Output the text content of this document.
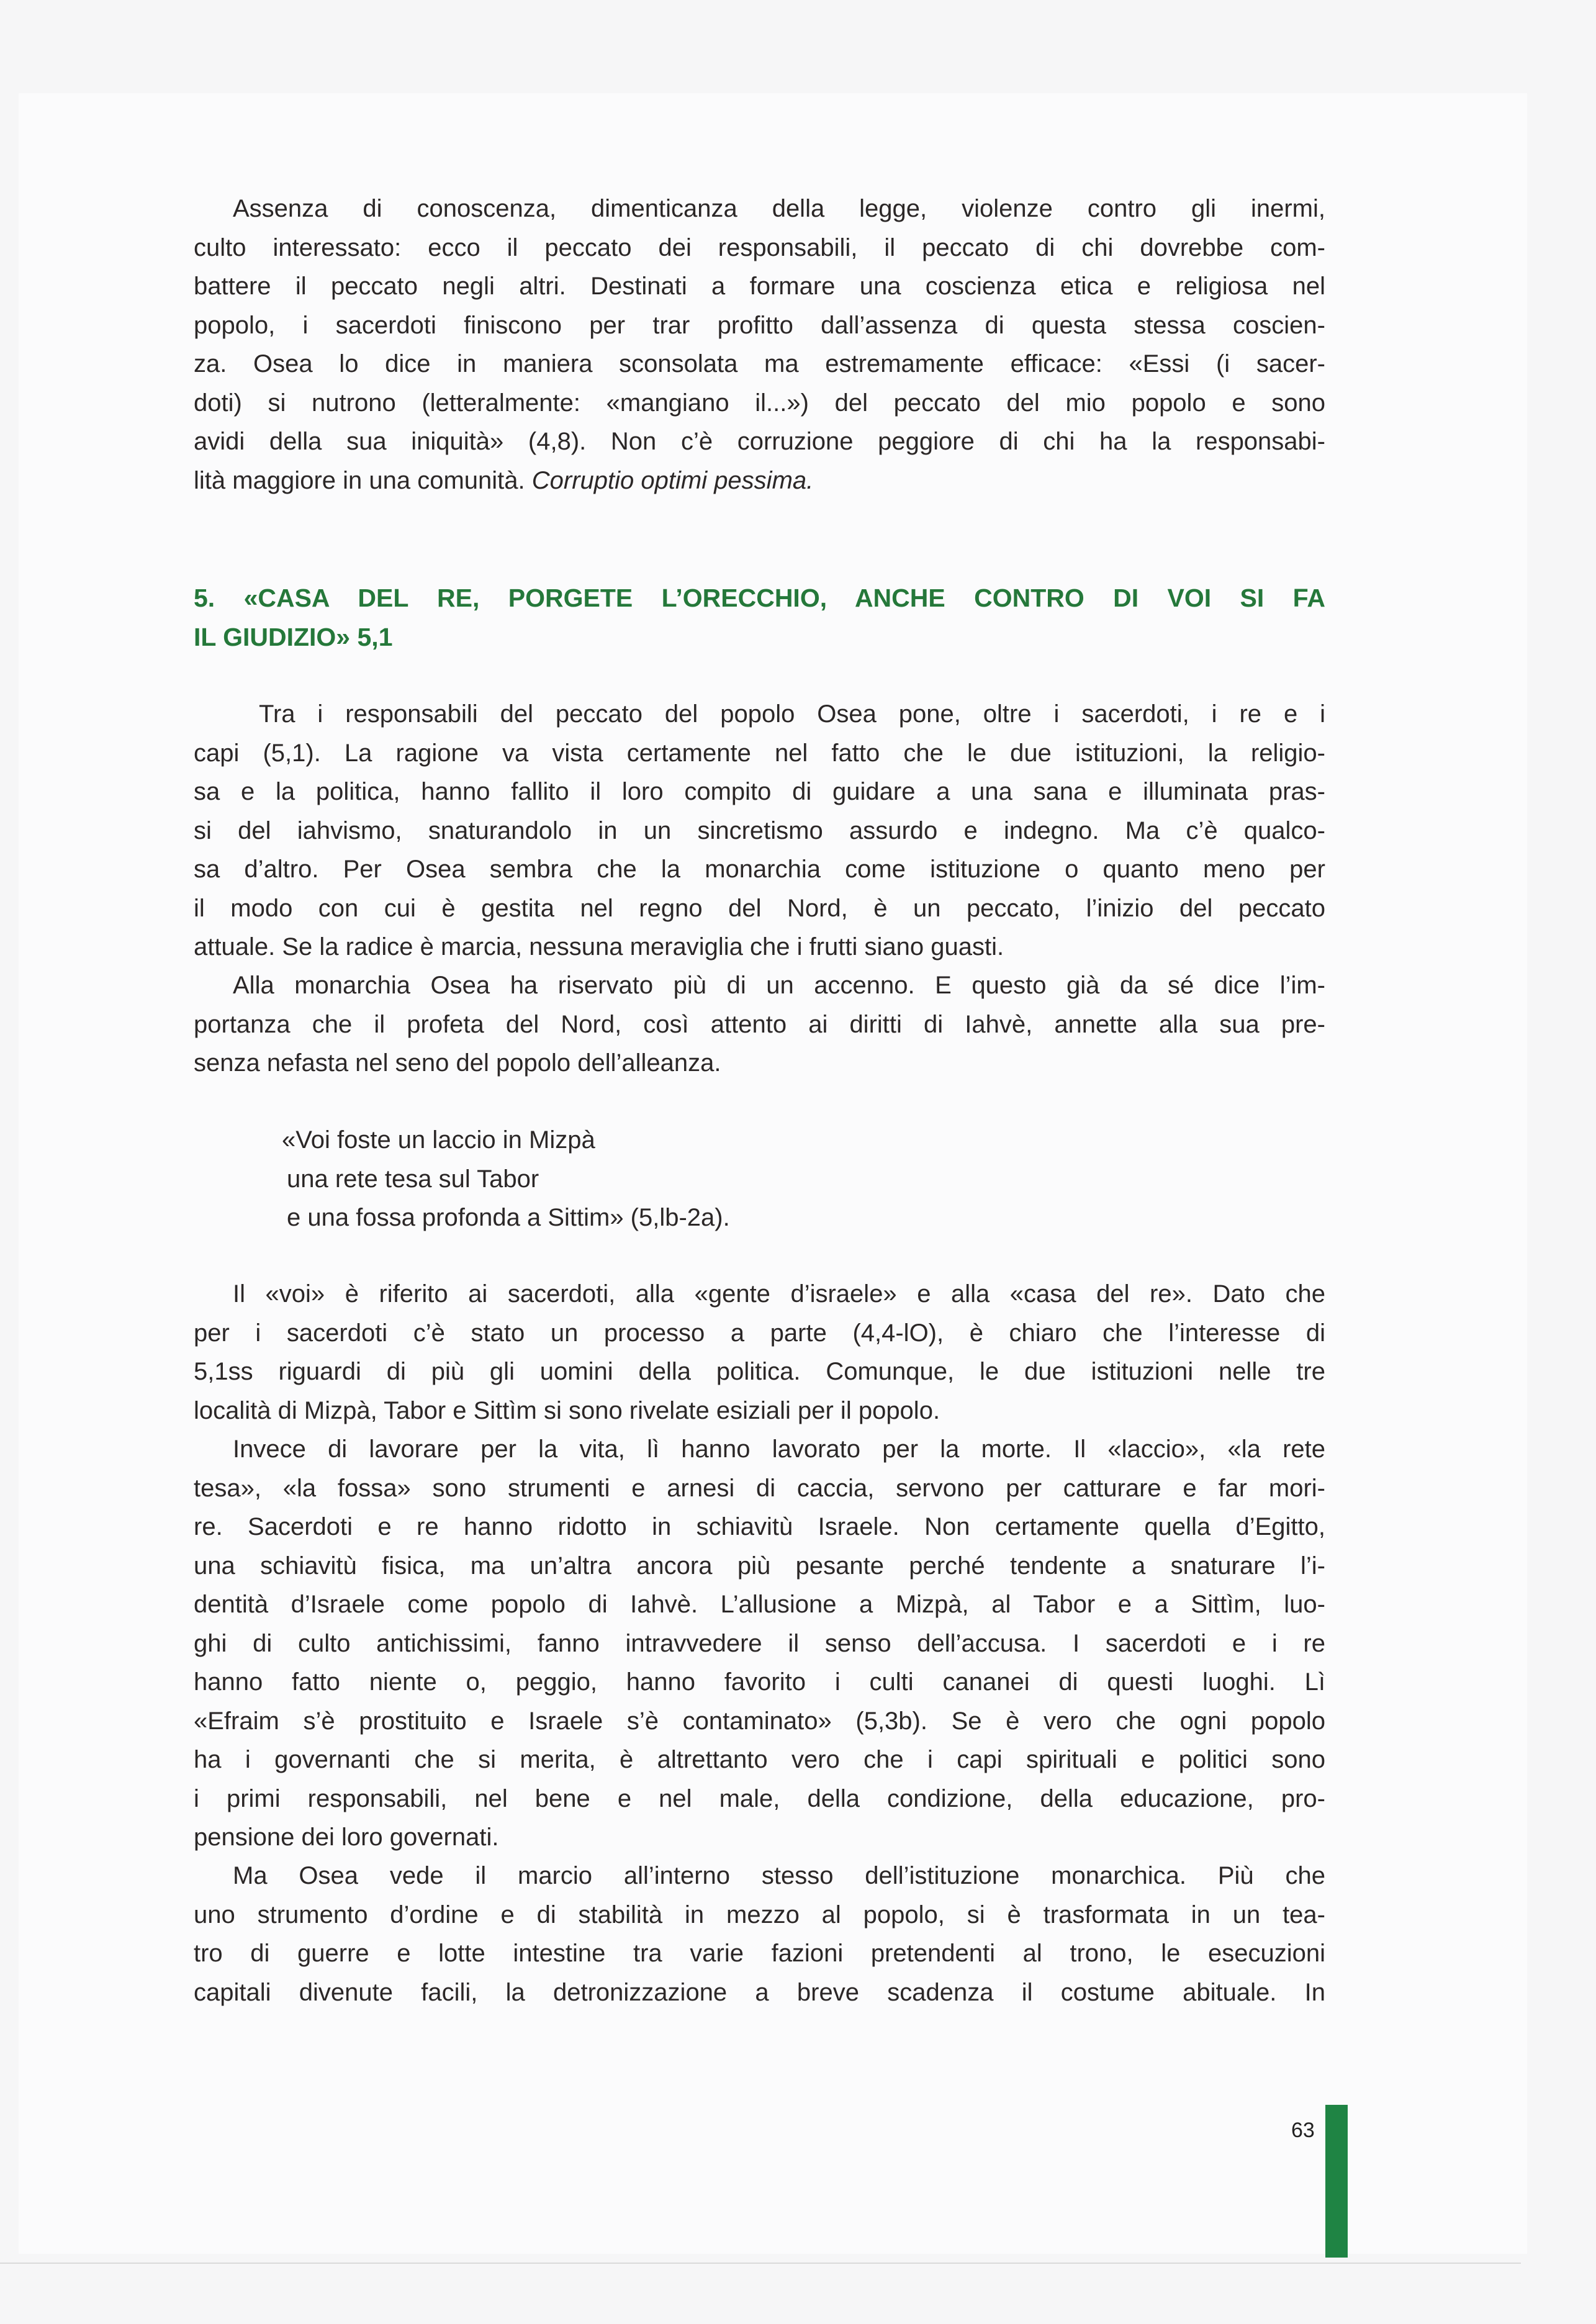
Assenza di conoscenza, dimenticanza della legge, violenze contro gli inermi,
culto interessato: ecco il peccato dei responsabili, il peccato di chi dovrebbe com-
battere il peccato negli altri. Destinati a formare una coscienza etica e religiosa nel
popolo, i sacerdoti finiscono per trar profitto dall’assenza di questa stessa coscien-
za. Osea lo dice in maniera sconsolata ma estremamente efficace: «Essi (i sacer-
doti) si nutrono (letteralmente: «mangiano il...») del peccato del mio popolo e sono
avidi della sua iniquità» (4,8). Non c’è corruzione peggiore di chi ha la responsabi-
lità maggiore in una comunità. Corruptio optimi pessima.
5. «CASA DEL RE, PORGETE L’ORECCHIO, ANCHE CONTRO DI VOI SI FA
IL GIUDIZIO» 5,1
Tra i responsabili del peccato del popolo Osea pone, oltre i sacerdoti, i re e i
capi (5,1). La ragione va vista certamente nel fatto che le due istituzioni, la religio-
sa e la politica, hanno fallito il loro compito di guidare a una sana e illuminata pras-
si del iahvismo, snaturandolo in un sincretismo assurdo e indegno. Ma c’è qualco-
sa d’altro. Per Osea sembra che la monarchia come istituzione o quanto meno per
il modo con cui è gestita nel regno del Nord, è un peccato, l’inizio del peccato
attuale. Se la radice è marcia, nessuna meraviglia che i frutti siano guasti.
Alla monarchia Osea ha riservato più di un accenno. E questo già da sé dice l’im-
portanza che il profeta del Nord, così attento ai diritti di Iahvè, annette alla sua pre-
senza nefasta nel seno del popolo dell’alleanza.
«Voi foste un laccio in Mizpà
una rete tesa sul Tabor
e una fossa profonda a Sittim» (5,lb-2a).
Il «voi» è riferito ai sacerdoti, alla «gente d’israele» e alla «casa del re». Dato che
per i sacerdoti c’è stato un processo a parte (4,4-lO), è chiaro che l’interesse di
5,1ss riguardi di più gli uomini della politica. Comunque, le due istituzioni nelle tre
località di Mizpà, Tabor e Sittìm si sono rivelate esiziali per il popolo.
Invece di lavorare per la vita, lì hanno lavorato per la morte. Il «laccio», «la rete
tesa», «la fossa» sono strumenti e arnesi di caccia, servono per catturare e far mori-
re. Sacerdoti e re hanno ridotto in schiavitù Israele. Non certamente quella d’Egitto,
una schiavitù fisica, ma un’altra ancora più pesante perché tendente a snaturare l’i-
dentità d’Israele come popolo di Iahvè. L’allusione a Mizpà, al Tabor e a Sittìm, luo-
ghi di culto antichissimi, fanno intravvedere il senso dell’accusa. I sacerdoti e i re
hanno fatto niente o, peggio, hanno favorito i culti cananei di questi luoghi. Lì
«Efraim s’è prostituito e Israele s’è contaminato» (5,3b). Se è vero che ogni popolo
ha i governanti che si merita, è altrettanto vero che i capi spirituali e politici sono
i primi responsabili, nel bene e nel male, della condizione, della educazione, pro-
pensione dei loro governati.
Ma Osea vede il marcio all’interno stesso dell’istituzione monarchica. Più che
uno strumento d’ordine e di stabilità in mezzo al popolo, si è trasformata in un tea-
tro di guerre e lotte intestine tra varie fazioni pretendenti al trono, le esecuzioni
capitali divenute facili, la detronizzazione a breve scadenza il costume abituale. In
63
